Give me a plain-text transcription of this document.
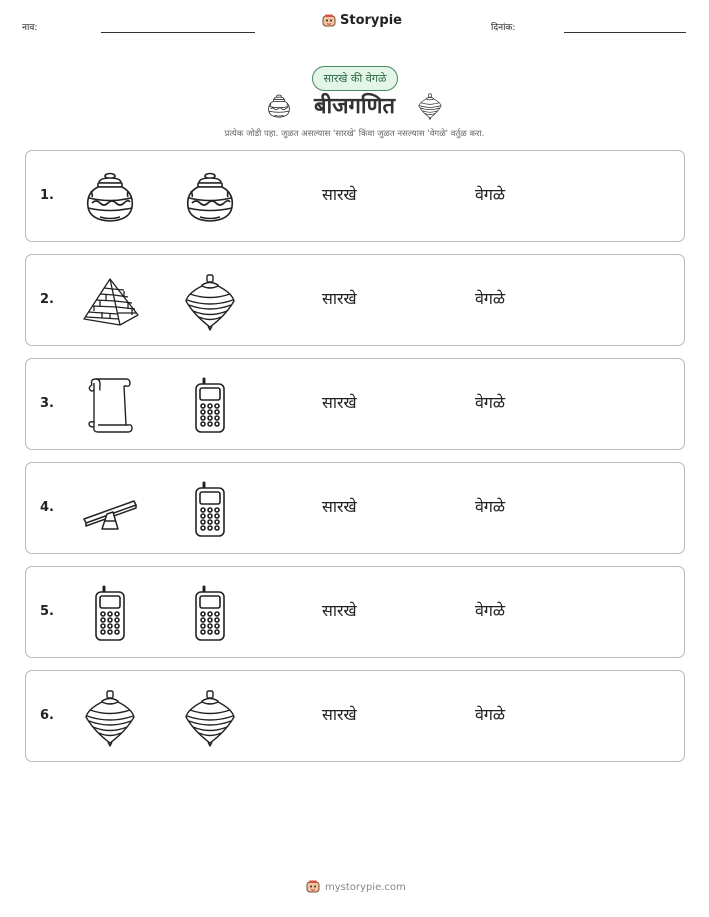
नाव:	Storypie	दिनांक:
सारखे की वेगळे
बीजगणित
प्रत्येक जोडी पहा. जुळत असल्यास 'सारखे' किंवा जुळत नसल्यास 'वेगळे' वर्तुळ करा.
1.	सारखे	वेगळे
2.	सारखे	वेगळे
3.	सारखे	वेगळे
4.	सारखे	वेगळे
5.	सारखे	वेगळे
6.	सारखे	वेगळे
mystorypie.com
